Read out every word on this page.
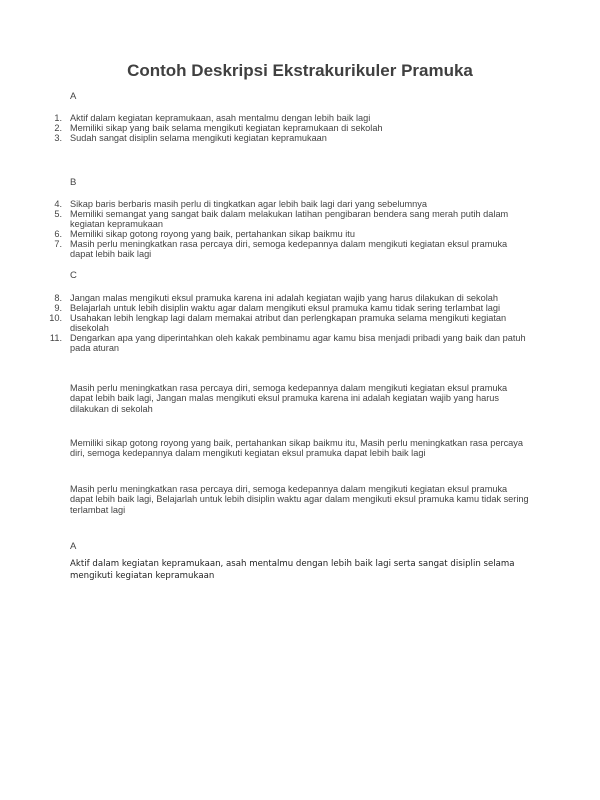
Contoh Deskripsi Ekstrakurikuler Pramuka
A
1. Aktif dalam kegiatan kepramukaan, asah mentalmu dengan lebih baik lagi
2. Memiliki sikap yang baik selama mengikuti kegiatan kepramukaan di sekolah
3. Sudah sangat disiplin selama mengikuti kegiatan kepramukaan
B
4. Sikap baris berbaris masih perlu di tingkatkan agar lebih baik lagi dari yang sebelumnya
5. Memiliki semangat yang sangat baik dalam melakukan latihan pengibaran bendera sang merah putih dalam kegiatan kepramukaan
6. Memiliki sikap gotong royong yang baik, pertahankan sikap baikmu itu
7. Masih perlu meningkatkan rasa percaya diri, semoga kedepannya dalam mengikuti kegiatan eksul pramuka dapat lebih baik lagi
C
8. Jangan malas mengikuti eksul pramuka karena ini adalah kegiatan wajib yang harus dilakukan di sekolah
9. Belajarlah untuk lebih disiplin waktu agar dalam mengikuti eksul pramuka kamu tidak sering terlambat lagi
10. Usahakan lebih lengkap lagi dalam memakai atribut dan perlengkapan pramuka selama mengikuti kegiatan disekolah
11. Dengarkan apa yang diperintahkan oleh kakak pembinamu agar kamu bisa menjadi pribadi yang baik dan patuh pada aturan

Masih perlu meningkatkan rasa percaya diri, semoga kedepannya dalam mengikuti kegiatan eksul pramuka dapat lebih baik lagi, Jangan malas mengikuti eksul pramuka karena ini adalah kegiatan wajib yang harus dilakukan di sekolah

Memiliki sikap gotong royong yang baik, pertahankan sikap baikmu itu, Masih perlu meningkatkan rasa percaya diri, semoga kedepannya dalam mengikuti kegiatan eksul pramuka dapat lebih baik lagi

Masih perlu meningkatkan rasa percaya diri, semoga kedepannya dalam mengikuti kegiatan eksul pramuka dapat lebih baik lagi, Belajarlah untuk lebih disiplin waktu agar dalam mengikuti eksul pramuka kamu tidak sering terlambat lagi

A

Aktif dalam kegiatan kepramukaan, asah mentalmu dengan lebih baik lagi serta sangat disiplin selama mengikuti kegiatan kepramukaan
